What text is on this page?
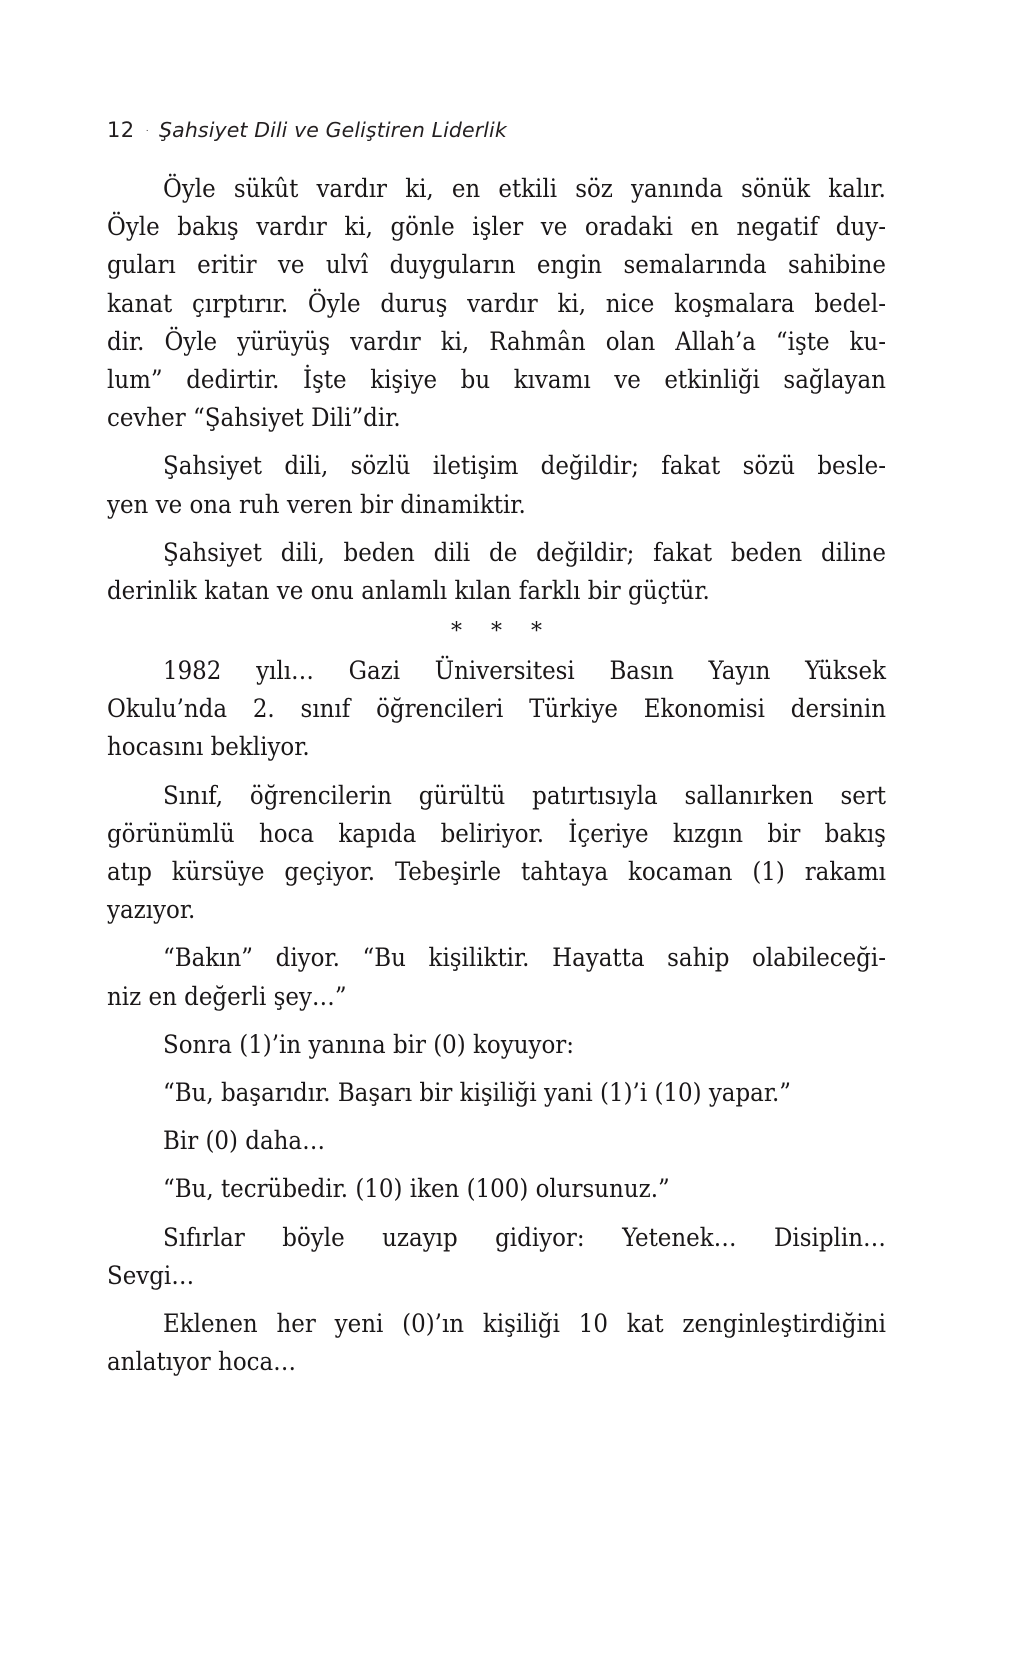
12 · Şahsiyet Dili ve Geliştiren Liderlik
Öyle sükût vardır ki, en etkili söz yanında sönük kalır.
Öyle bakış vardır ki, gönle işler ve oradaki en negatif duy-
guları eritir ve ulvî duyguların engin semalarında sahibine
kanat çırptırır. Öyle duruş vardır ki, nice koşmalara bedel-
dir. Öyle yürüyüş vardır ki, Rahmân olan Allah’a “işte ku-
lum” dedirtir. İşte kişiye bu kıvamı ve etkinliği sağlayan
cevher “Şahsiyet Dili”dir.
Şahsiyet dili, sözlü iletişim değildir; fakat sözü besle-
yen ve ona ruh veren bir dinamiktir.
Şahsiyet dili, beden dili de değildir; fakat beden diline
derinlik katan ve onu anlamlı kılan farklı bir güçtür.
* * *
1982 yılı… Gazi Üniversitesi Basın Yayın Yüksek
Okulu’nda 2. sınıf öğrencileri Türkiye Ekonomisi dersinin
hocasını bekliyor.
Sınıf, öğrencilerin gürültü patırtısıyla sallanırken sert
görünümlü hoca kapıda beliriyor. İçeriye kızgın bir bakış
atıp kürsüye geçiyor. Tebeşirle tahtaya kocaman (1) rakamı
yazıyor.
“Bakın” diyor. “Bu kişiliktir. Hayatta sahip olabileceği-
niz en değerli şey…”
Sonra (1)’in yanına bir (0) koyuyor:
“Bu, başarıdır. Başarı bir kişiliği yani (1)’i (10) yapar.”
Bir (0) daha…
“Bu, tecrübedir. (10) iken (100) olursunuz.”
Sıfırlar böyle uzayıp gidiyor: Yetenek… Disiplin…
Sevgi…
Eklenen her yeni (0)’ın kişiliği 10 kat zenginleştirdiğini
anlatıyor hoca…
